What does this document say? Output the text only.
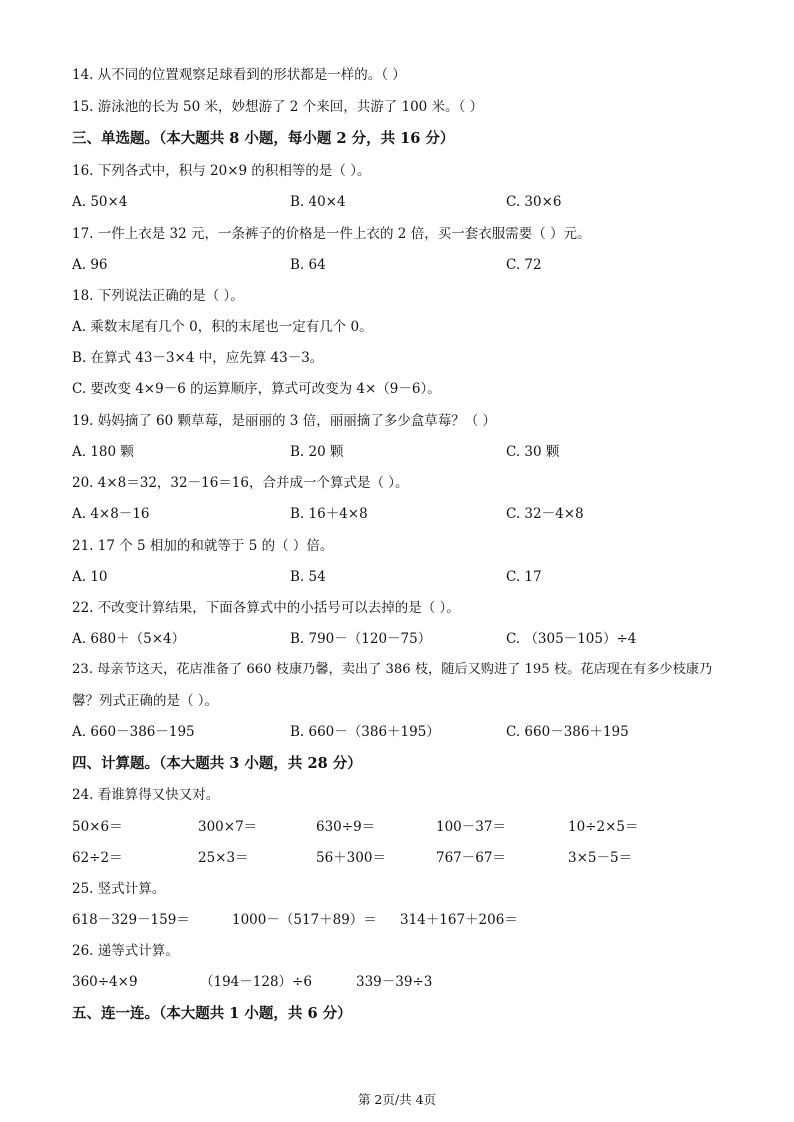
14. 从不同的位置观察足球看到的形状都是一样的。（ ）
15. 游泳池的长为 50 米，妙想游了 2 个来回，共游了 100 米。（ ）
三、单选题。（本大题共 8 小题，每小题 2 分，共 16 分）
16. 下列各式中，积与 20×9 的积相等的是（ ）。
A. 50×4	B. 40×4	C. 30×6
17. 一件上衣是 32 元，一条裤子的价格是一件上衣的 2 倍，买一套衣服需要（ ）元。
A. 96	B. 64	C. 72
18. 下列说法正确的是（ ）。
A. 乘数末尾有几个 0，积的末尾也一定有几个 0。
B. 在算式 43－3×4 中，应先算 43－3。
C. 要改变 4×9－6 的运算顺序，算式可改变为 4×（9－6）。
19. 妈妈摘了 60 颗草莓，是丽丽的 3 倍，丽丽摘了多少盒草莓？（ ）
A. 180 颗	B. 20 颗	C. 30 颗
20. 4×8＝32，32－16＝16，合并成一个算式是（ ）。
A. 4×8－16	B. 16＋4×8	C. 32－4×8
21. 17 个 5 相加的和就等于 5 的（ ）倍。
A. 10	B. 54	C. 17
22. 不改变计算结果，下面各算式中的小括号可以去掉的是（ ）。
A. 680＋（5×4）	B. 790－（120－75）	C. （305－105）÷4
23. 母亲节这天，花店准备了 660 枝康乃馨，卖出了 386 枝，随后又购进了 195 枝。花店现在有多少枝康乃
馨？列式正确的是（ ）。
A. 660－386－195	B. 660－（386＋195）	C. 660－386＋195
四、计算题。（本大题共 3 小题，共 28 分）
24. 看谁算得又快又对。
50×6＝	300×7＝	630÷9＝	100－37＝	10÷2×5＝
62÷2＝	25×3＝	56＋300＝	767－67＝	3×5－5＝
25. 竖式计算。
618－329－159＝	1000－（517＋89）＝ 314＋167＋206＝
26. 递等式计算。
360÷4×9	（194－128）÷6	339－39÷3
五、连一连。（本大题共 1 小题，共 6 分）
第 2页/共 4页
